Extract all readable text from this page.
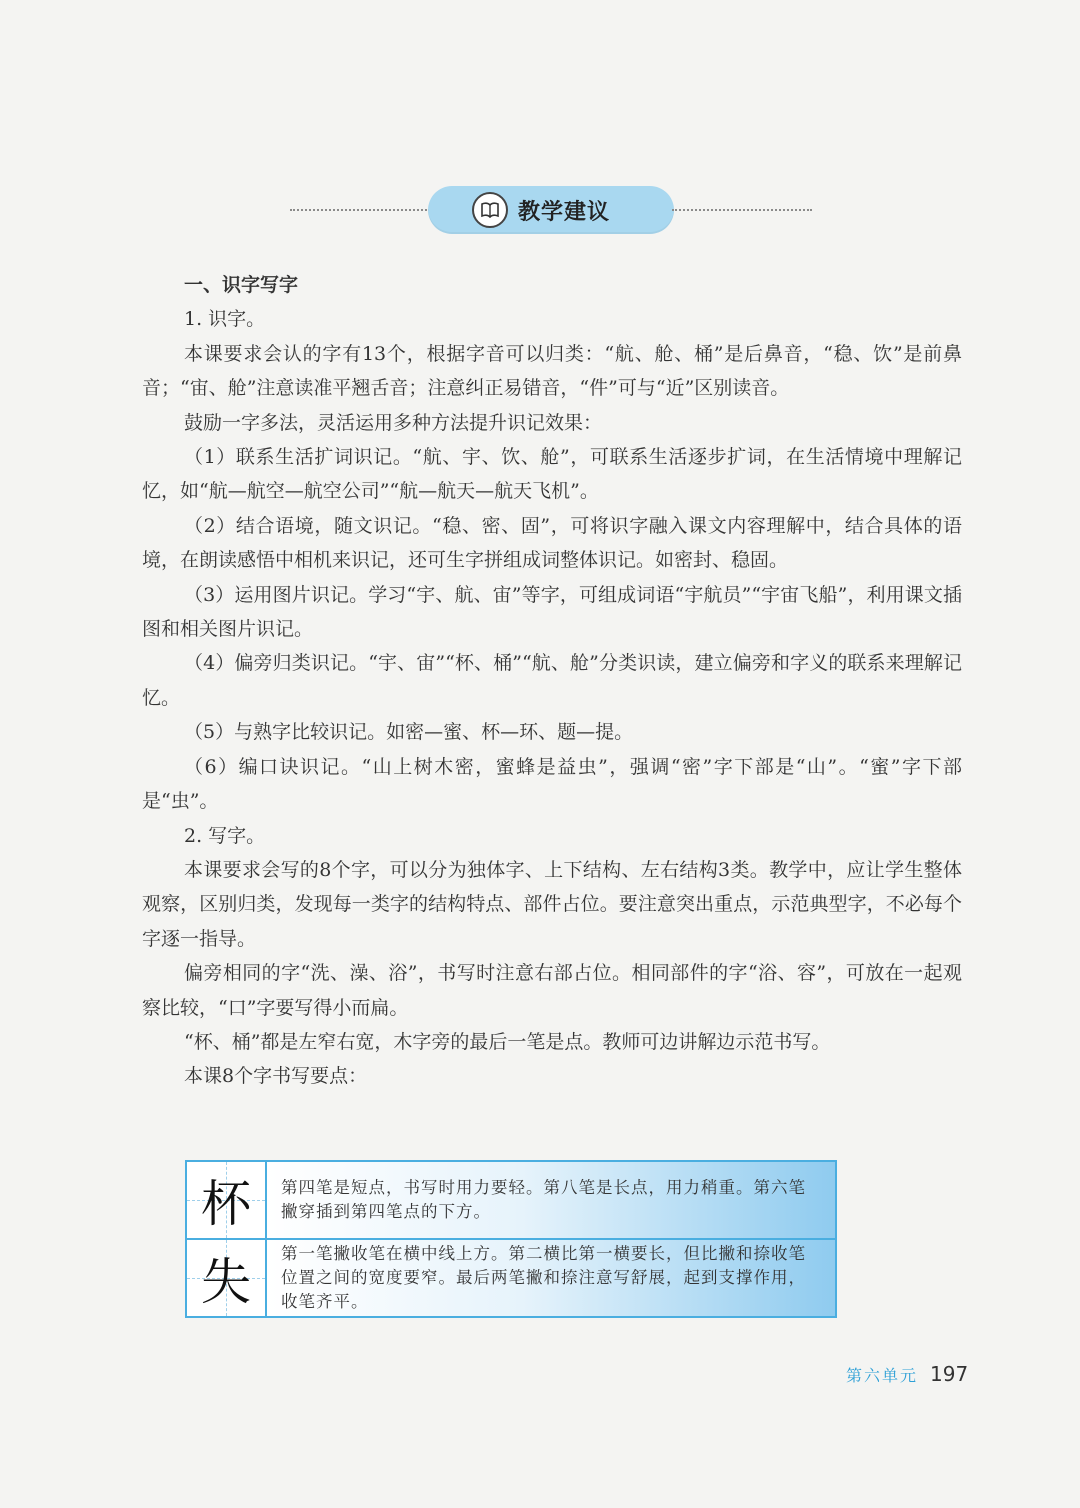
教学建议

一、识字写字

1. 识字。

本课要求会认的字有13个，根据字音可以归类：“航、舱、桶”是后鼻音，“稳、饮”是前鼻音；“宙、舱”注意读准平翘舌音；注意纠正易错音，“件”可与“近”区别读音。

鼓励一字多法，灵活运用多种方法提升识记效果：

（1）联系生活扩词识记。“航、宇、饮、舱”，可联系生活逐步扩词，在生活情境中理解记忆，如“航—航空—航空公司”“航—航天—航天飞机”。

（2）结合语境，随文识记。“稳、密、固”，可将识字融入课文内容理解中，结合具体的语境，在朗读感悟中相机来识记，还可生字拼组成词整体识记。如密封、稳固。

（3）运用图片识记。学习“宇、航、宙”等字，可组成词语“宇航员”“宇宙飞船”，利用课文插图和相关图片识记。

（4）偏旁归类识记。“宇、宙”“杯、桶”“航、舱”分类识读，建立偏旁和字义的联系来理解记忆。

（5）与熟字比较识记。如密—蜜、杯—环、题—提。

（6）编口诀识记。“山上树木密，蜜蜂是益虫”，强调“密”字下部是“山”。“蜜”字下部是“虫”。

2. 写字。

本课要求会写的8个字，可以分为独体字、上下结构、左右结构3类。教学中，应让学生整体观察，区别归类，发现每一类字的结构特点、部件占位。要注意突出重点，示范典型字，不必每个字逐一指导。

偏旁相同的字“洗、澡、浴”，书写时注意右部占位。相同部件的字“浴、容”，可放在一起观察比较，“口”字要写得小而扁。

“杯、桶”都是左窄右宽，木字旁的最后一笔是点。教师可边讲解边示范书写。

本课8个字书写要点：

杯	第四笔是短点，书写时用力要轻。第八笔是长点，用力稍重。第六笔撇穿插到第四笔点的下方。
失	第一笔撇收笔在横中线上方。第二横比第一横要长，但比撇和捺收笔位置之间的宽度要窄。最后两笔撇和捺注意写舒展，起到支撑作用，收笔齐平。
第六单元 197
